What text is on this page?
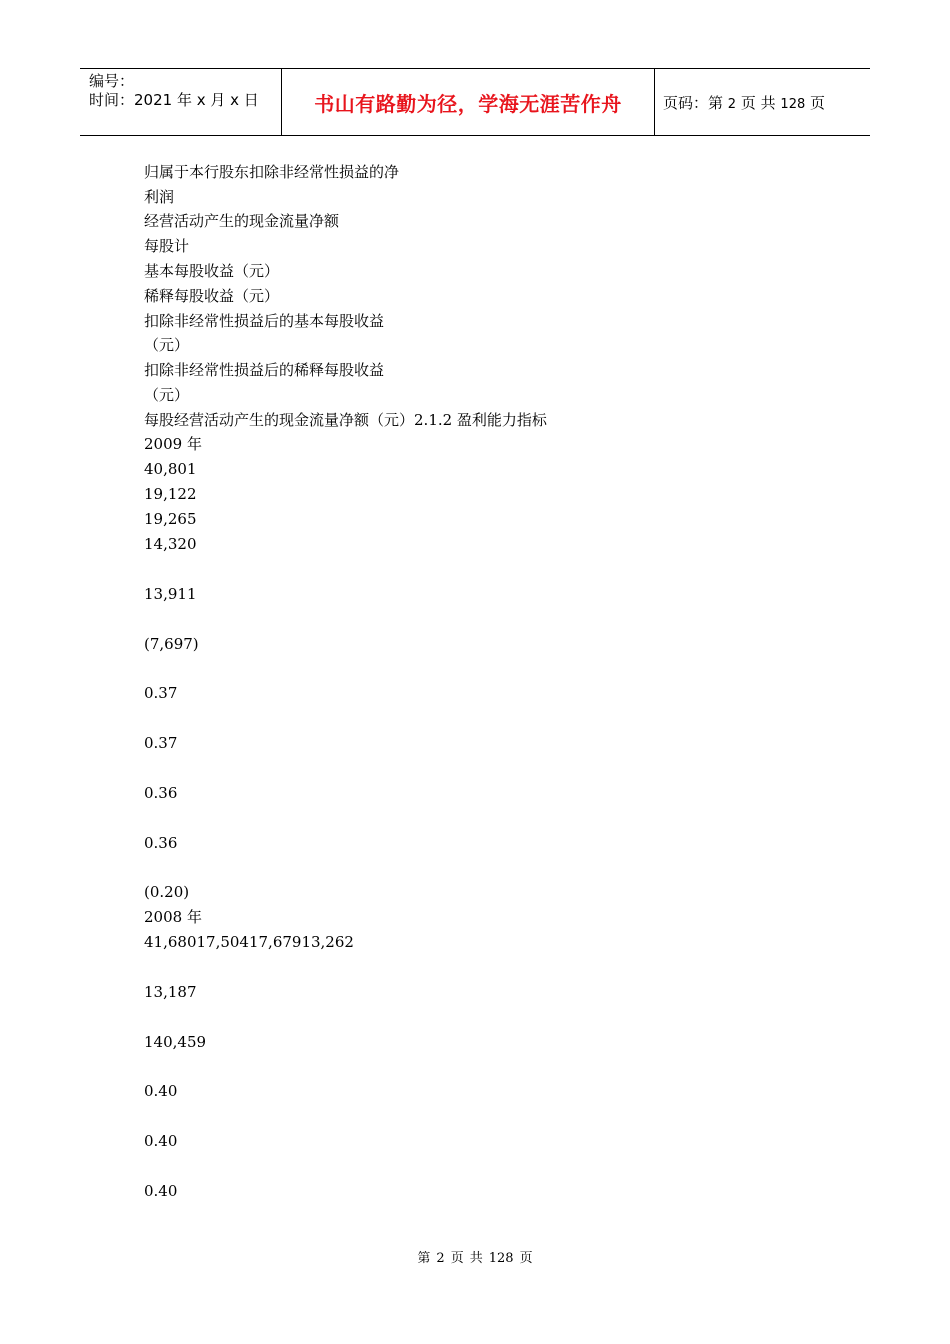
编号：
时间：2021 年 x 月 x 日	书山有路勤为径，学海无涯苦作舟	页码：第 2 页 共 128 页
归属于本行股东扣除非经常性损益的净
利润
经营活动产生的现金流量净额
每股计
基本每股收益（元）
稀释每股收益（元）
扣除非经常性损益后的基本每股收益
（元）
扣除非经常性损益后的稀释每股收益
（元）
每股经营活动产生的现金流量净额（元）2.1.2 盈利能力指标
2009 年
40,801
19,122
19,265
14,320
13,911
(7,697)
0.37
0.37
0.36
0.36
(0.20)
2008 年
41,68017,50417,67913,262
13,187
140,459
0.40
0.40
0.40
第 2 页 共 128 页
